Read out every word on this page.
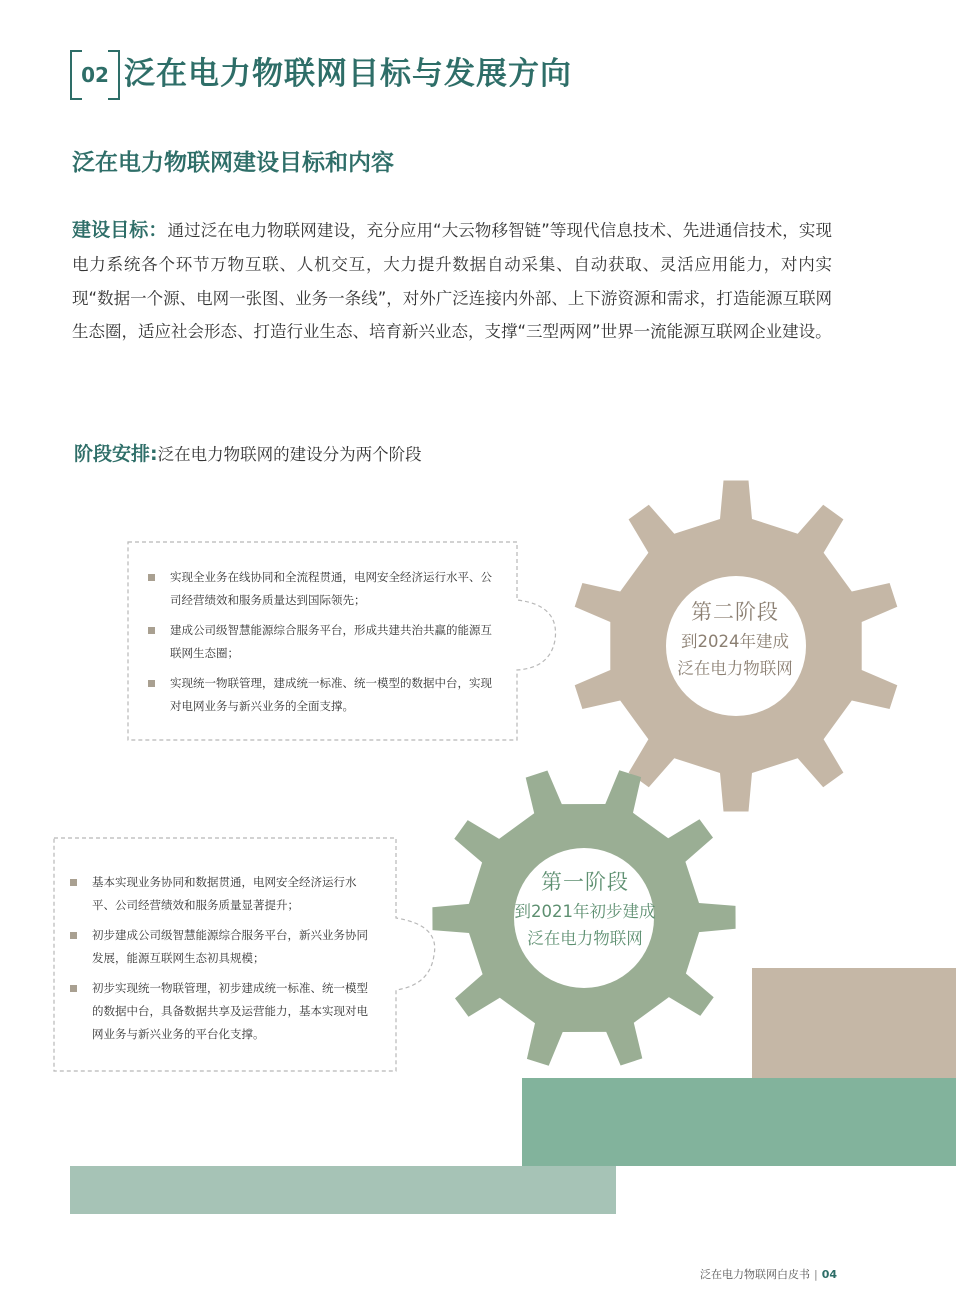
02 泛在电力物联网目标与发展方向
泛在电力物联网建设目标和内容
建设目标：通过泛在电力物联网建设，充分应用“大云物移智链”等现代信息技术、先进通信技术，实现电力系统各个环节万物互联、人机交互，大力提升数据自动采集、自动获取、灵活应用能力，对内实现“数据一个源、电网一张图、业务一条线”，对外广泛连接内外部、上下游资源和需求，打造能源互联网生态圈，适应社会形态、打造行业生态、培育新兴业态，支撑“三型两网”世界一流能源互联网企业建设。
阶段安排:泛在电力物联网的建设分为两个阶段
第二阶段
到2024年建成
泛在电力物联网
第一阶段
到2021年初步建成
泛在电力物联网
实现全业务在线协同和全流程贯通，电网安全经济运行水平、公司经营绩效和服务质量达到国际领先；
建成公司级智慧能源综合服务平台，形成共建共治共赢的能源互联网生态圈；
实现统一物联管理，建成统一标准、统一模型的数据中台，实现对电网业务与新兴业务的全面支撑。
基本实现业务协同和数据贯通，电网安全经济运行水平、公司经营绩效和服务质量显著提升；
初步建成公司级智慧能源综合服务平台，新兴业务协同发展，能源互联网生态初具规模；
初步实现统一物联管理，初步建成统一标准、统一模型的数据中台，具备数据共享及运营能力，基本实现对电网业务与新兴业务的平台化支撑。
泛在电力物联网白皮书 | 04
